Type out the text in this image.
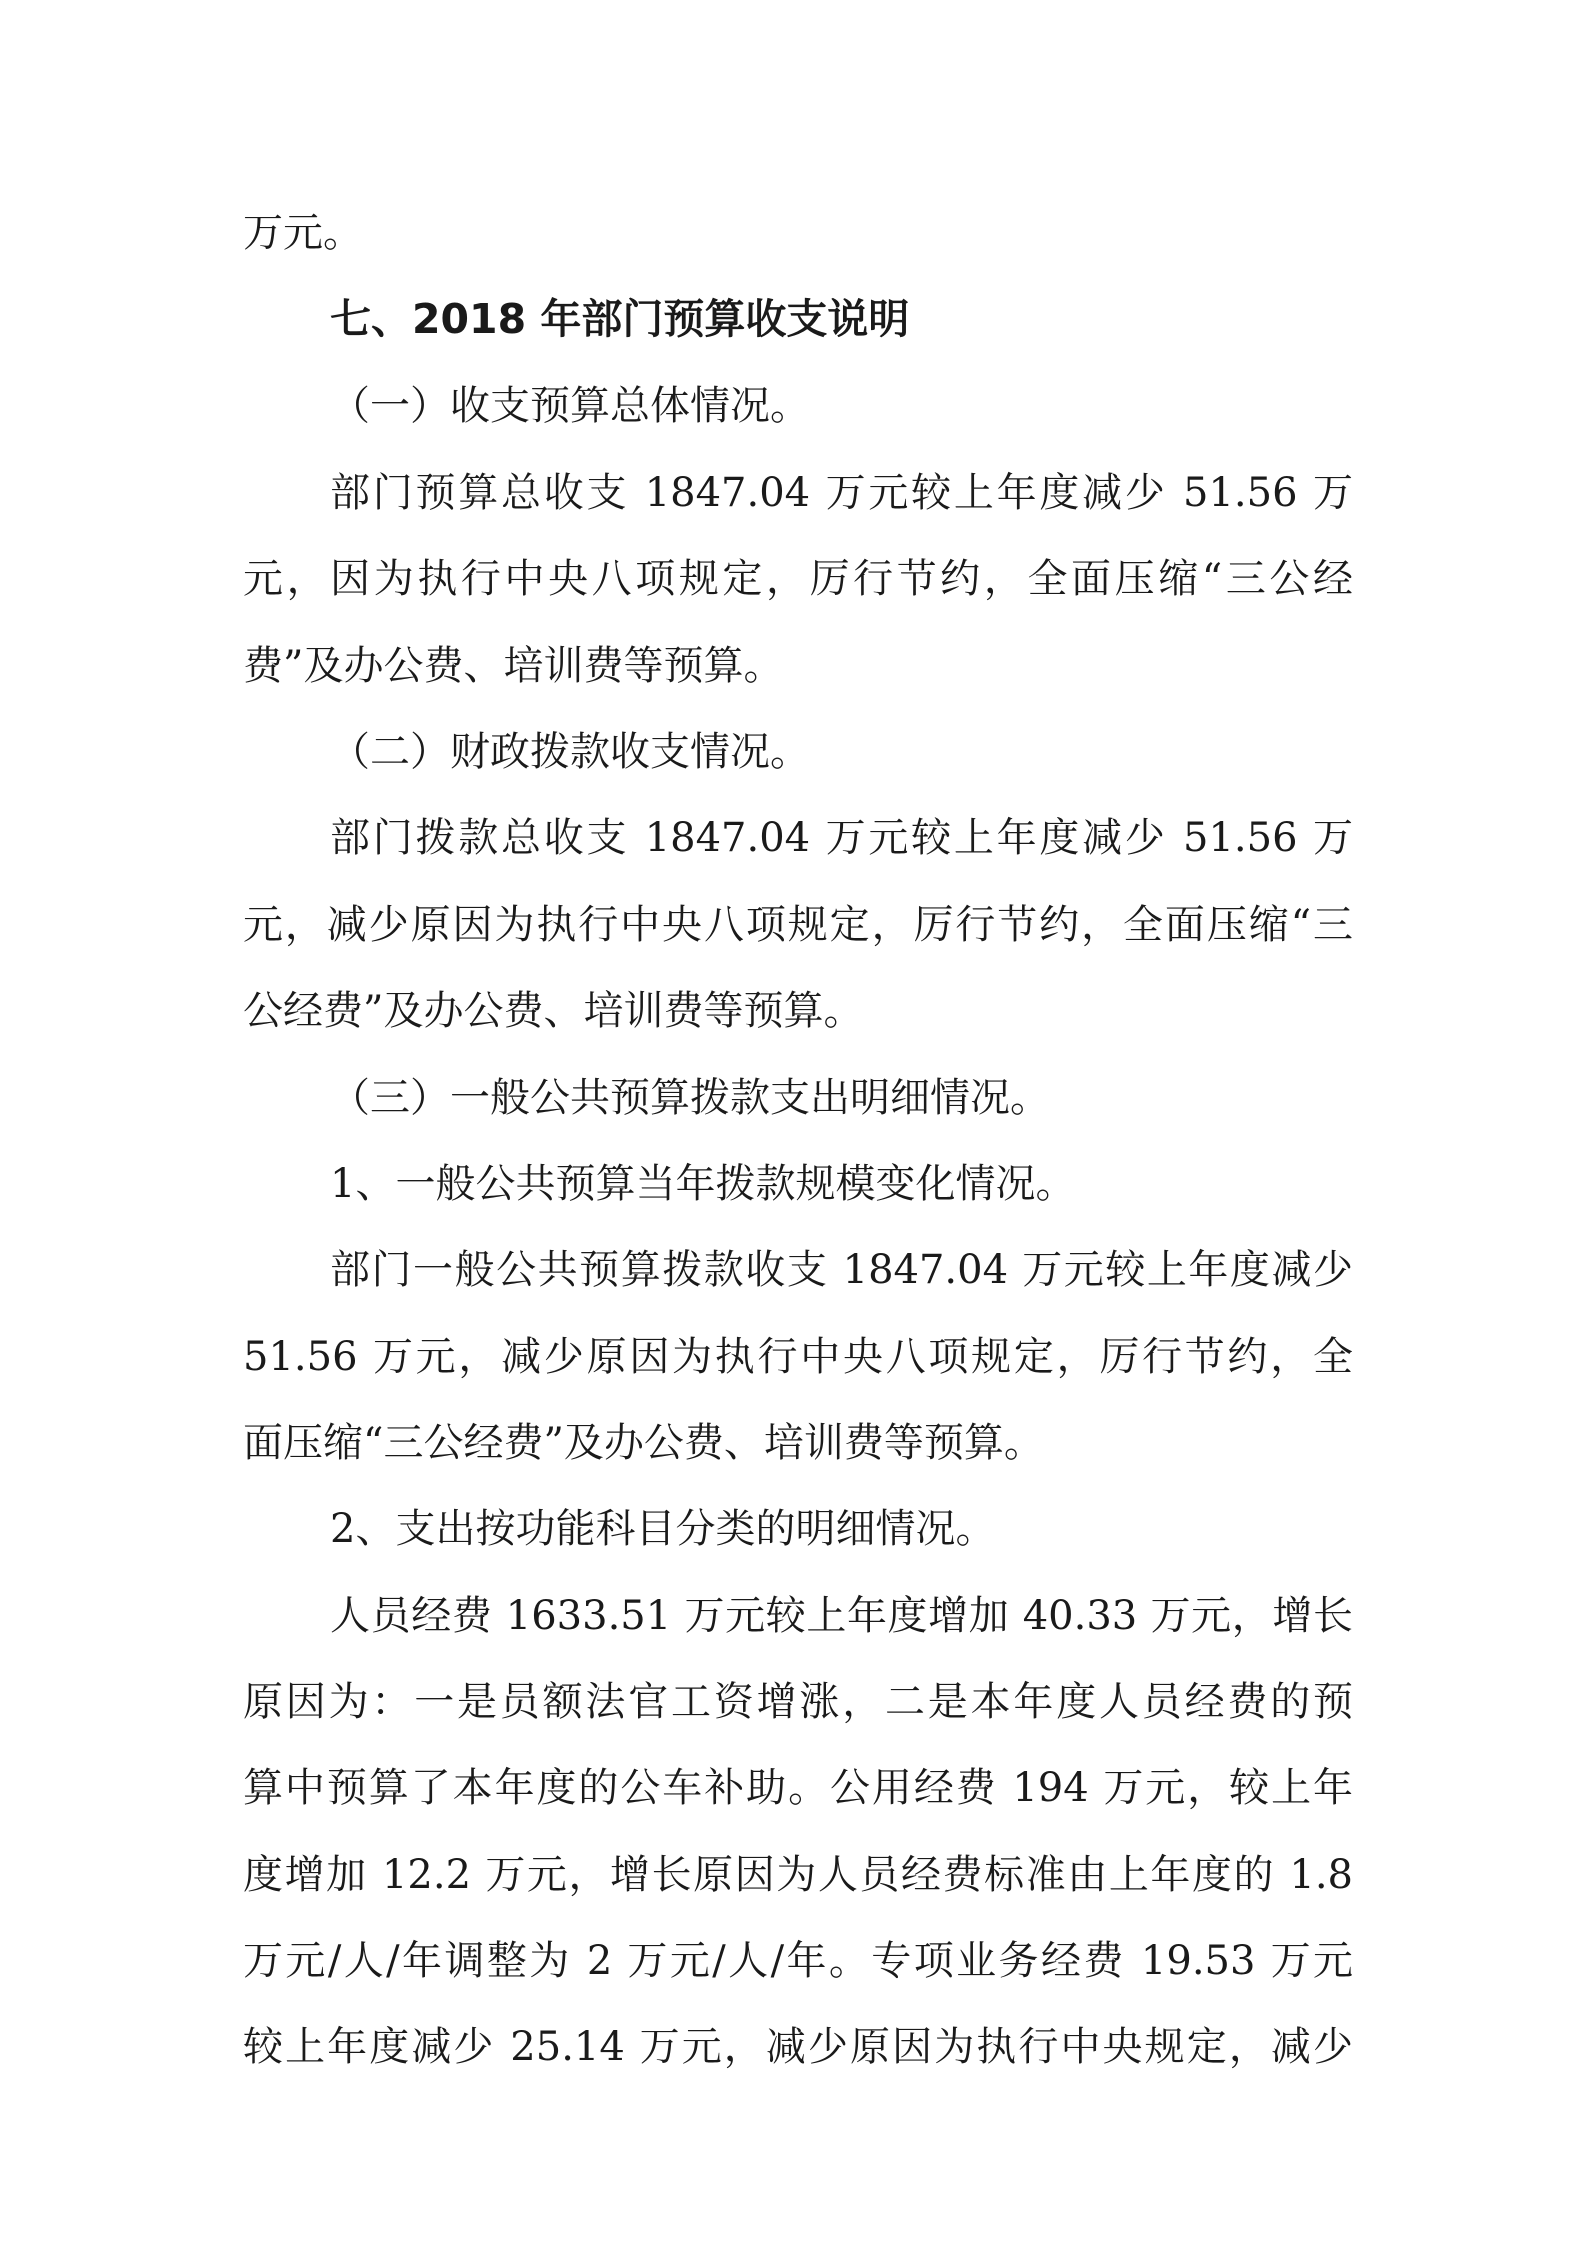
万元。
七、2018 年部门预算收支说明
（一）收支预算总体情况。
部门预算总收支 1847.04 万元较上年度减少 51.56 万
元，因为执行中央八项规定，厉行节约，全面压缩“三公经
费”及办公费、培训费等预算。
（二）财政拨款收支情况。
部门拨款总收支 1847.04 万元较上年度减少 51.56 万
元，减少原因为执行中央八项规定，厉行节约，全面压缩“三
公经费”及办公费、培训费等预算。
（三）一般公共预算拨款支出明细情况。
1、一般公共预算当年拨款规模变化情况。
部门一般公共预算拨款收支 1847.04 万元较上年度减少
51.56 万元，减少原因为执行中央八项规定，厉行节约，全
面压缩“三公经费”及办公费、培训费等预算。
2、支出按功能科目分类的明细情况。
人员经费 1633.51 万元较上年度增加 40.33 万元，增长
原因为：一是员额法官工资增涨，二是本年度人员经费的预
算中预算了本年度的公车补助。公用经费 194 万元，较上年
度增加 12.2 万元，增长原因为人员经费标准由上年度的 1.8
万元/人/年调整为 2 万元/人/年。专项业务经费 19.53 万元
较上年度减少 25.14 万元，减少原因为执行中央规定，减少
